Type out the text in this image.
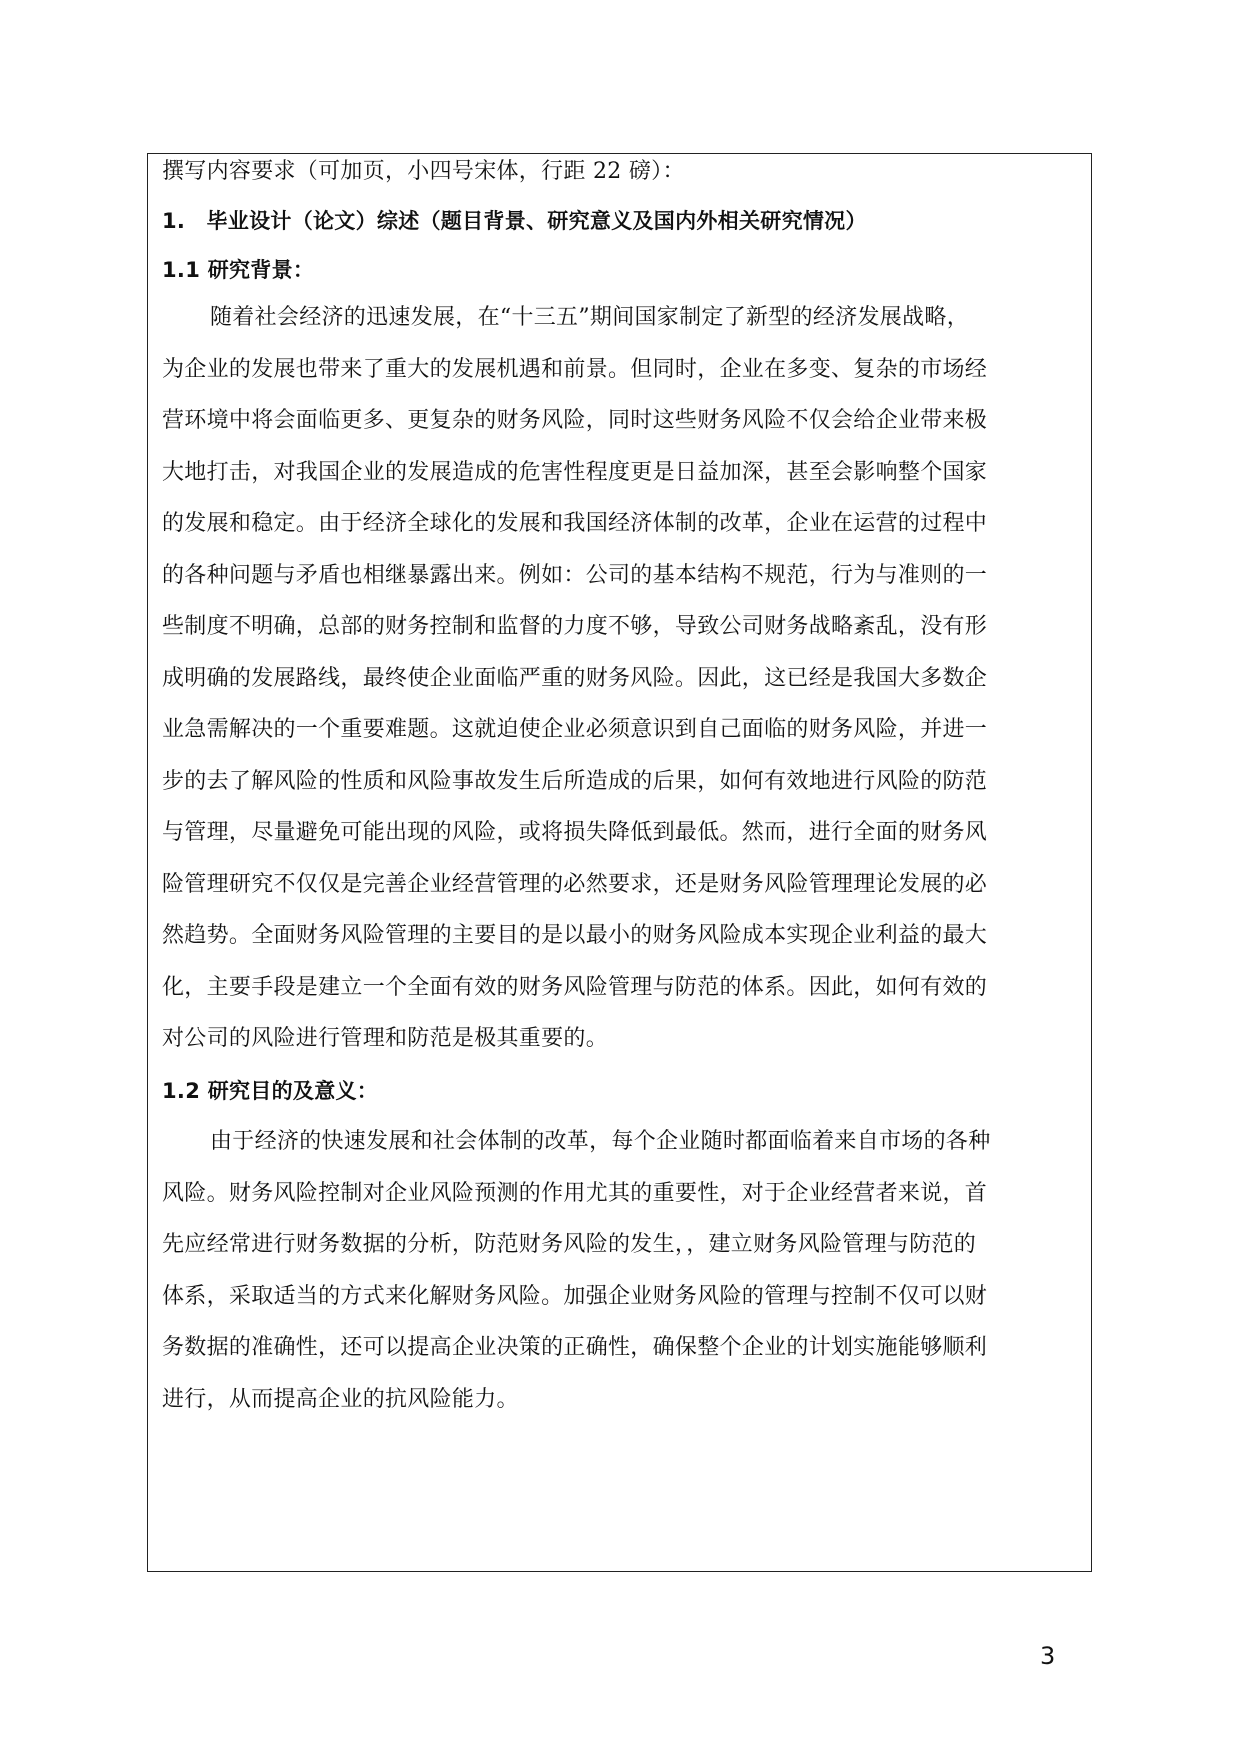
撰写内容要求（可加页，小四号宋体，行距 22 磅）：
1.　毕业设计（论文）综述（题目背景、研究意义及国内外相关研究情况）
1.1 研究背景：
随着社会经济的迅速发展，在“十三五”期间国家制定了新型的经济发展战略，
为企业的发展也带来了重大的发展机遇和前景。但同时，企业在多变、复杂的市场经
营环境中将会面临更多、更复杂的财务风险，同时这些财务风险不仅会给企业带来极
大地打击，对我国企业的发展造成的危害性程度更是日益加深，甚至会影响整个国家
的发展和稳定。由于经济全球化的发展和我国经济体制的改革，企业在运营的过程中
的各种问题与矛盾也相继暴露出来。例如：公司的基本结构不规范，行为与准则的一
些制度不明确，总部的财务控制和监督的力度不够，导致公司财务战略紊乱，没有形
成明确的发展路线，最终使企业面临严重的财务风险。因此，这已经是我国大多数企
业急需解决的一个重要难题。这就迫使企业必须意识到自己面临的财务风险，并进一
步的去了解风险的性质和风险事故发生后所造成的后果，如何有效地进行风险的防范
与管理，尽量避免可能出现的风险，或将损失降低到最低。然而，进行全面的财务风
险管理研究不仅仅是完善企业经营管理的必然要求，还是财务风险管理理论发展的必
然趋势。全面财务风险管理的主要目的是以最小的财务风险成本实现企业利益的最大
化，主要手段是建立一个全面有效的财务风险管理与防范的体系。因此，如何有效的
对公司的风险进行管理和防范是极其重要的。
1.2 研究目的及意义：
由于经济的快速发展和社会体制的改革，每个企业随时都面临着来自市场的各种
风险。财务风险控制对企业风险预测的作用尤其的重要性，对于企业经营者来说，首
先应经常进行财务数据的分析，防范财务风险的发生，，建立财务风险管理与防范的
体系，采取适当的方式来化解财务风险。加强企业财务风险的管理与控制不仅可以财
务数据的准确性，还可以提高企业决策的正确性，确保整个企业的计划实施能够顺利
进行，从而提高企业的抗风险能力。
3
